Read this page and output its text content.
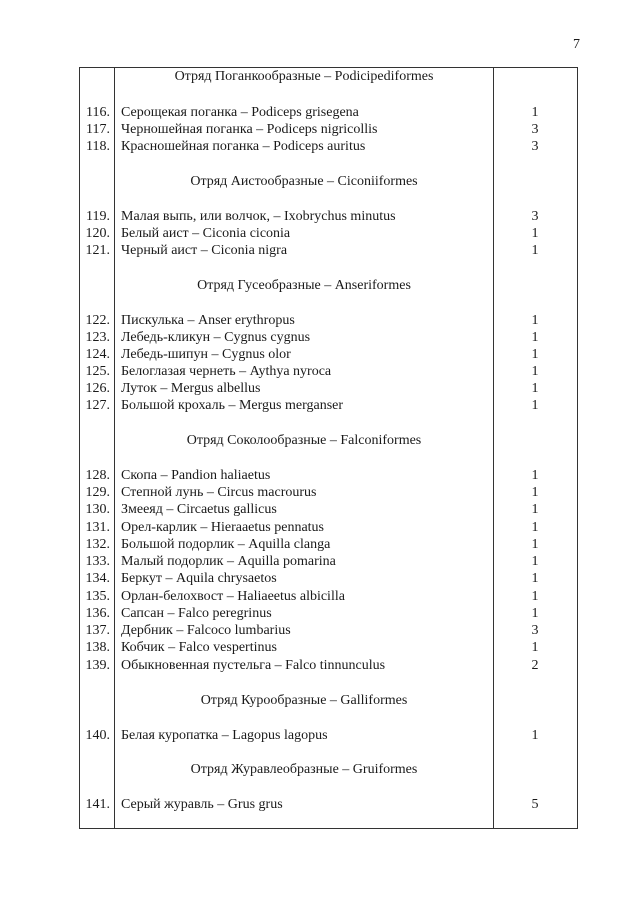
7
Отряд Поганкообразные – Podicipediformes
116. Серощекая поганка – Podiceps grisegena	1
117. Черношейная поганка – Podiceps nigricollis	3
118. Красношейная поганка – Podiceps auritus	3
Отряд Аистообразные – Ciconiiformes
119. Малая выпь, или волчок, – Ixobrychus minutus	3
120. Белый аист – Ciconia ciconia	1
121. Черный аист – Ciconia nigra	1
Отряд Гусеобразные – Anseriformes
122. Пискулька – Anser erythropus	1
123. Лебедь-кликун – Cygnus cygnus	1
124. Лебедь-шипун – Cygnus olor	1
125. Белоглазая чернеть – Aythya nyroca	1
126. Луток – Mergus albellus	1
127. Большой крохаль – Mergus merganser	1
Отряд Соколообразные – Falconiformes
128. Скопа – Pandion haliaetus	1
129. Степной лунь – Circus macrourus	1
130. Змееяд – Circaetus gallicus	1
131. Орел-карлик – Hieraaetus pennatus	1
132. Большой подорлик – Aquilla clanga	1
133. Малый подорлик – Aquilla pomarina	1
134. Беркут – Aquila chrysaetos	1
135. Орлан-белохвост – Haliaeetus albicilla	1
136. Сапсан – Falco peregrinus	1
137. Дербник – Falcoco lumbarius	3
138. Кобчик – Falco vespertinus	1
139. Обыкновенная пустельга – Falco tinnunculus	2
Отряд Курообразные – Galliformes
140. Белая куропатка – Lagopus lagopus	1
Отряд Журавлеобразные – Gruiformes
141. Серый журавль – Grus grus	5
